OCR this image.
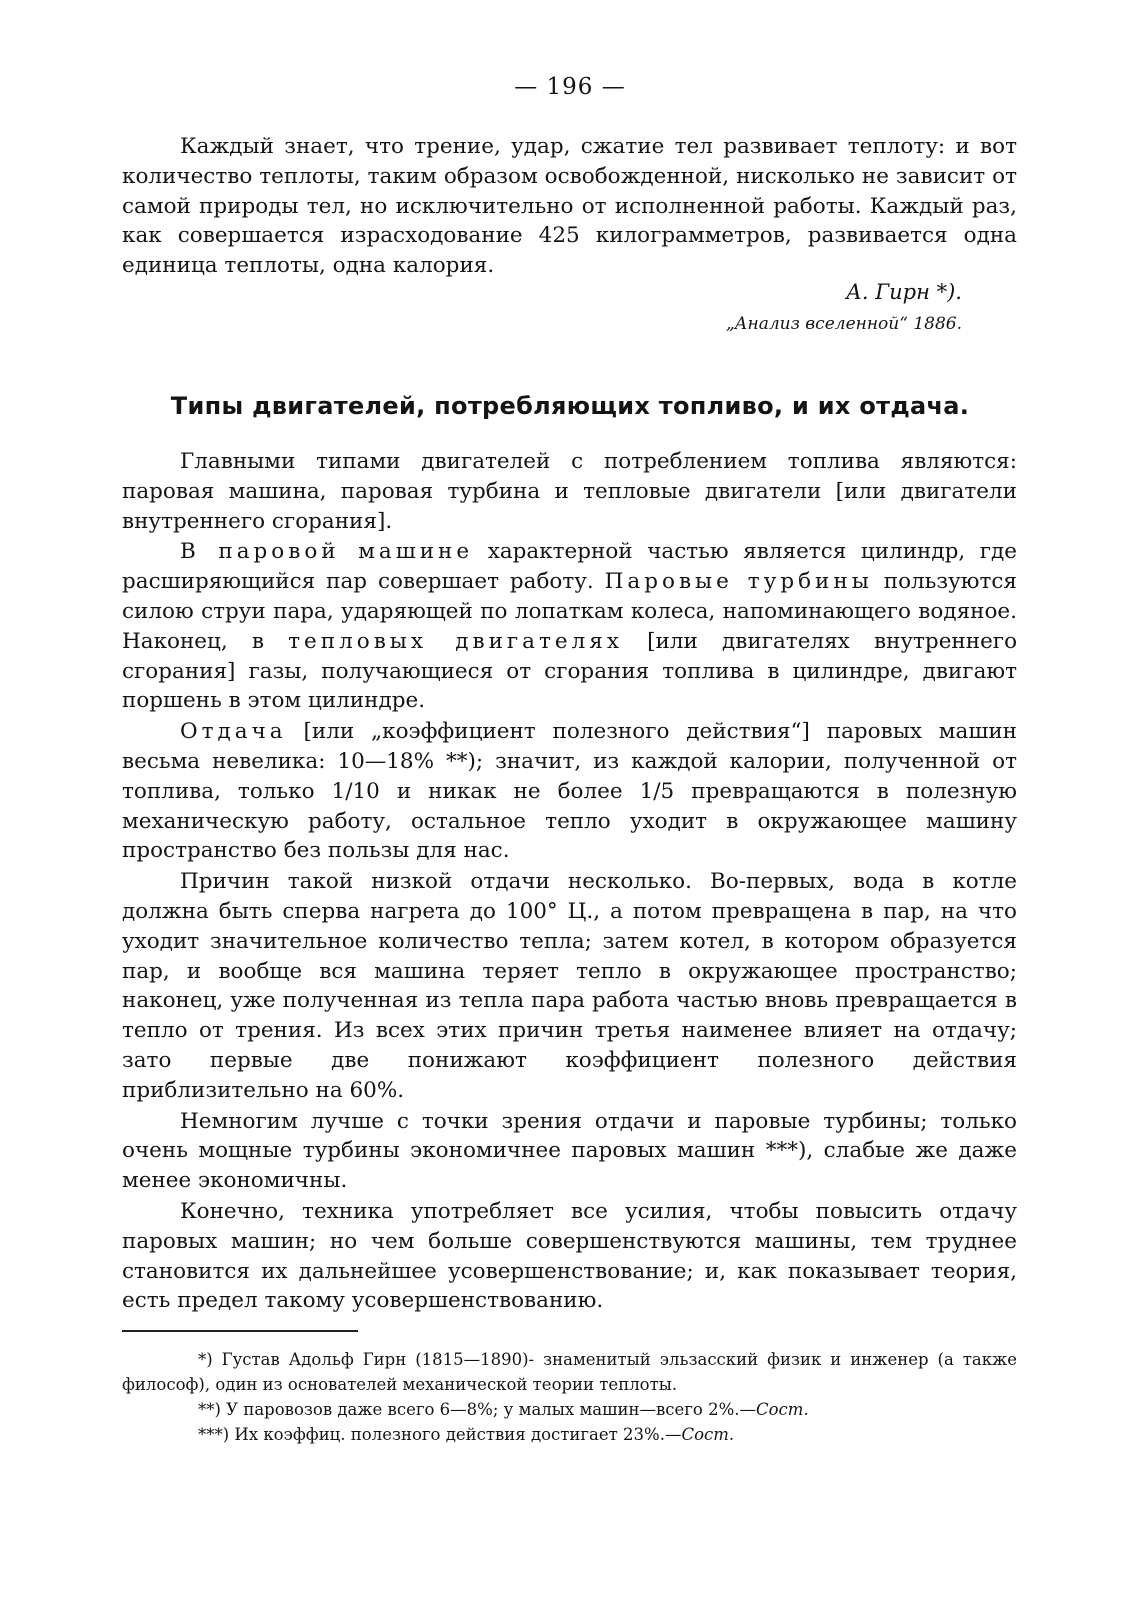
— 196 —

Каждый знает, что трение, удар, сжатие тел развивает теплоту: и вот количество теплоты, таким образом освобожденной, нисколько не зависит от самой природы тел, но исключительно от исполненной работы. Каждый раз, как совершается израсходование 425 килограмметров, развивается одна единица теплоты, одна калория.

А. Гирн *).
„Анализ вселенной“ 1886.
Типы двигателей, потребляющих топливо, и их отдача.

Главными типами двигателей с потреблением топлива являются: паровая машина, паровая турбина и тепловые двигатели [или двигатели внутреннего сгорания].

В паровой машине характерной частью является цилиндр, где расширяющийся пар совершает работу. Паровые турбины пользуются силою струи пара, ударяющей по лопаткам колеса, напоминающего водяное. Наконец, в тепловых двигателях [или двигателях внутреннего сгорания] газы, получающиеся от сгорания топлива в цилиндре, двигают поршень в этом цилиндре.

Отдача [или „коэффициент полезного действия“] паровых машин весьма невелика: 10—18% **); значит, из каждой калории, полученной от топлива, только 1/10 и никак не более 1/5 превращаются в полезную механическую работу, остальное тепло уходит в окружающее машину пространство без пользы для нас.

Причин такой низкой отдачи несколько. Во-первых, вода в котле должна быть сперва нагрета до 100° Ц., а потом превращена в пар, на что уходит значительное количество тепла; затем котел, в котором образуется пар, и вообще вся машина теряет тепло в окружающее пространство; наконец, уже полученная из тепла пара работа частью вновь превращается в тепло от трения. Из всех этих причин третья наименее влияет на отдачу; зато первые две понижают коэффициент полезного действия приблизительно на 60%.

Немногим лучше с точки зрения отдачи и паровые турбины; только очень мощные турбины экономичнее паровых машин ***), слабые же даже менее экономичны.

Конечно, техника употребляет все усилия, чтобы повысить отдачу паровых машин; но чем больше совершенствуются машины, тем труднее становится их дальнейшее усовершенствование; и, как показывает теория, есть предел такому усовершенствованию.

*) Густав Адольф Гирн (1815—1890)- знаменитый эльзасский физик и инженер (а также философ), один из основателей механической теории теплоты.

**) У паровозов даже всего 6—8%; у малых машин—всего 2%.—Сост.

***) Их коэффиц. полезного действия достигает 23%.—Сост.
